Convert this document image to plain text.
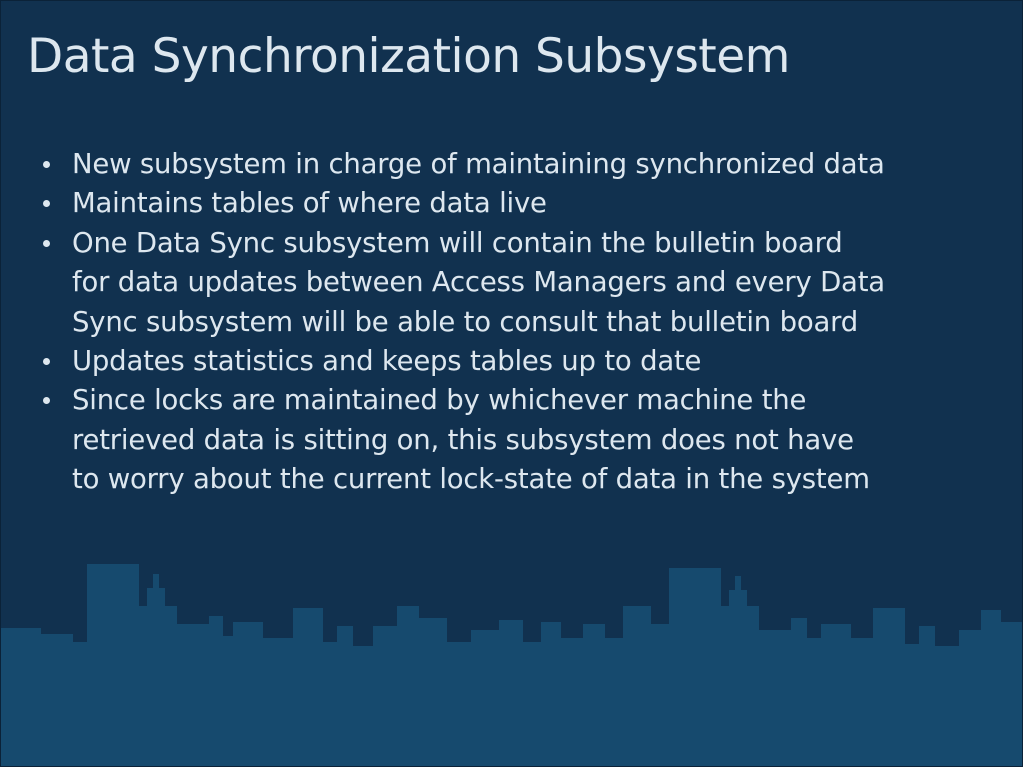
Data Synchronization Subsystem
New subsystem in charge of maintaining synchronized data
Maintains tables of where data live
One Data Sync subsystem will contain the bulletin board
for data updates between Access Managers and every Data
Sync subsystem will be able to consult that bulletin board
Updates statistics and keeps tables up to date
Since locks are maintained by whichever machine the
retrieved data is sitting on, this subsystem does not have
to worry about the current lock-state of data in the system
